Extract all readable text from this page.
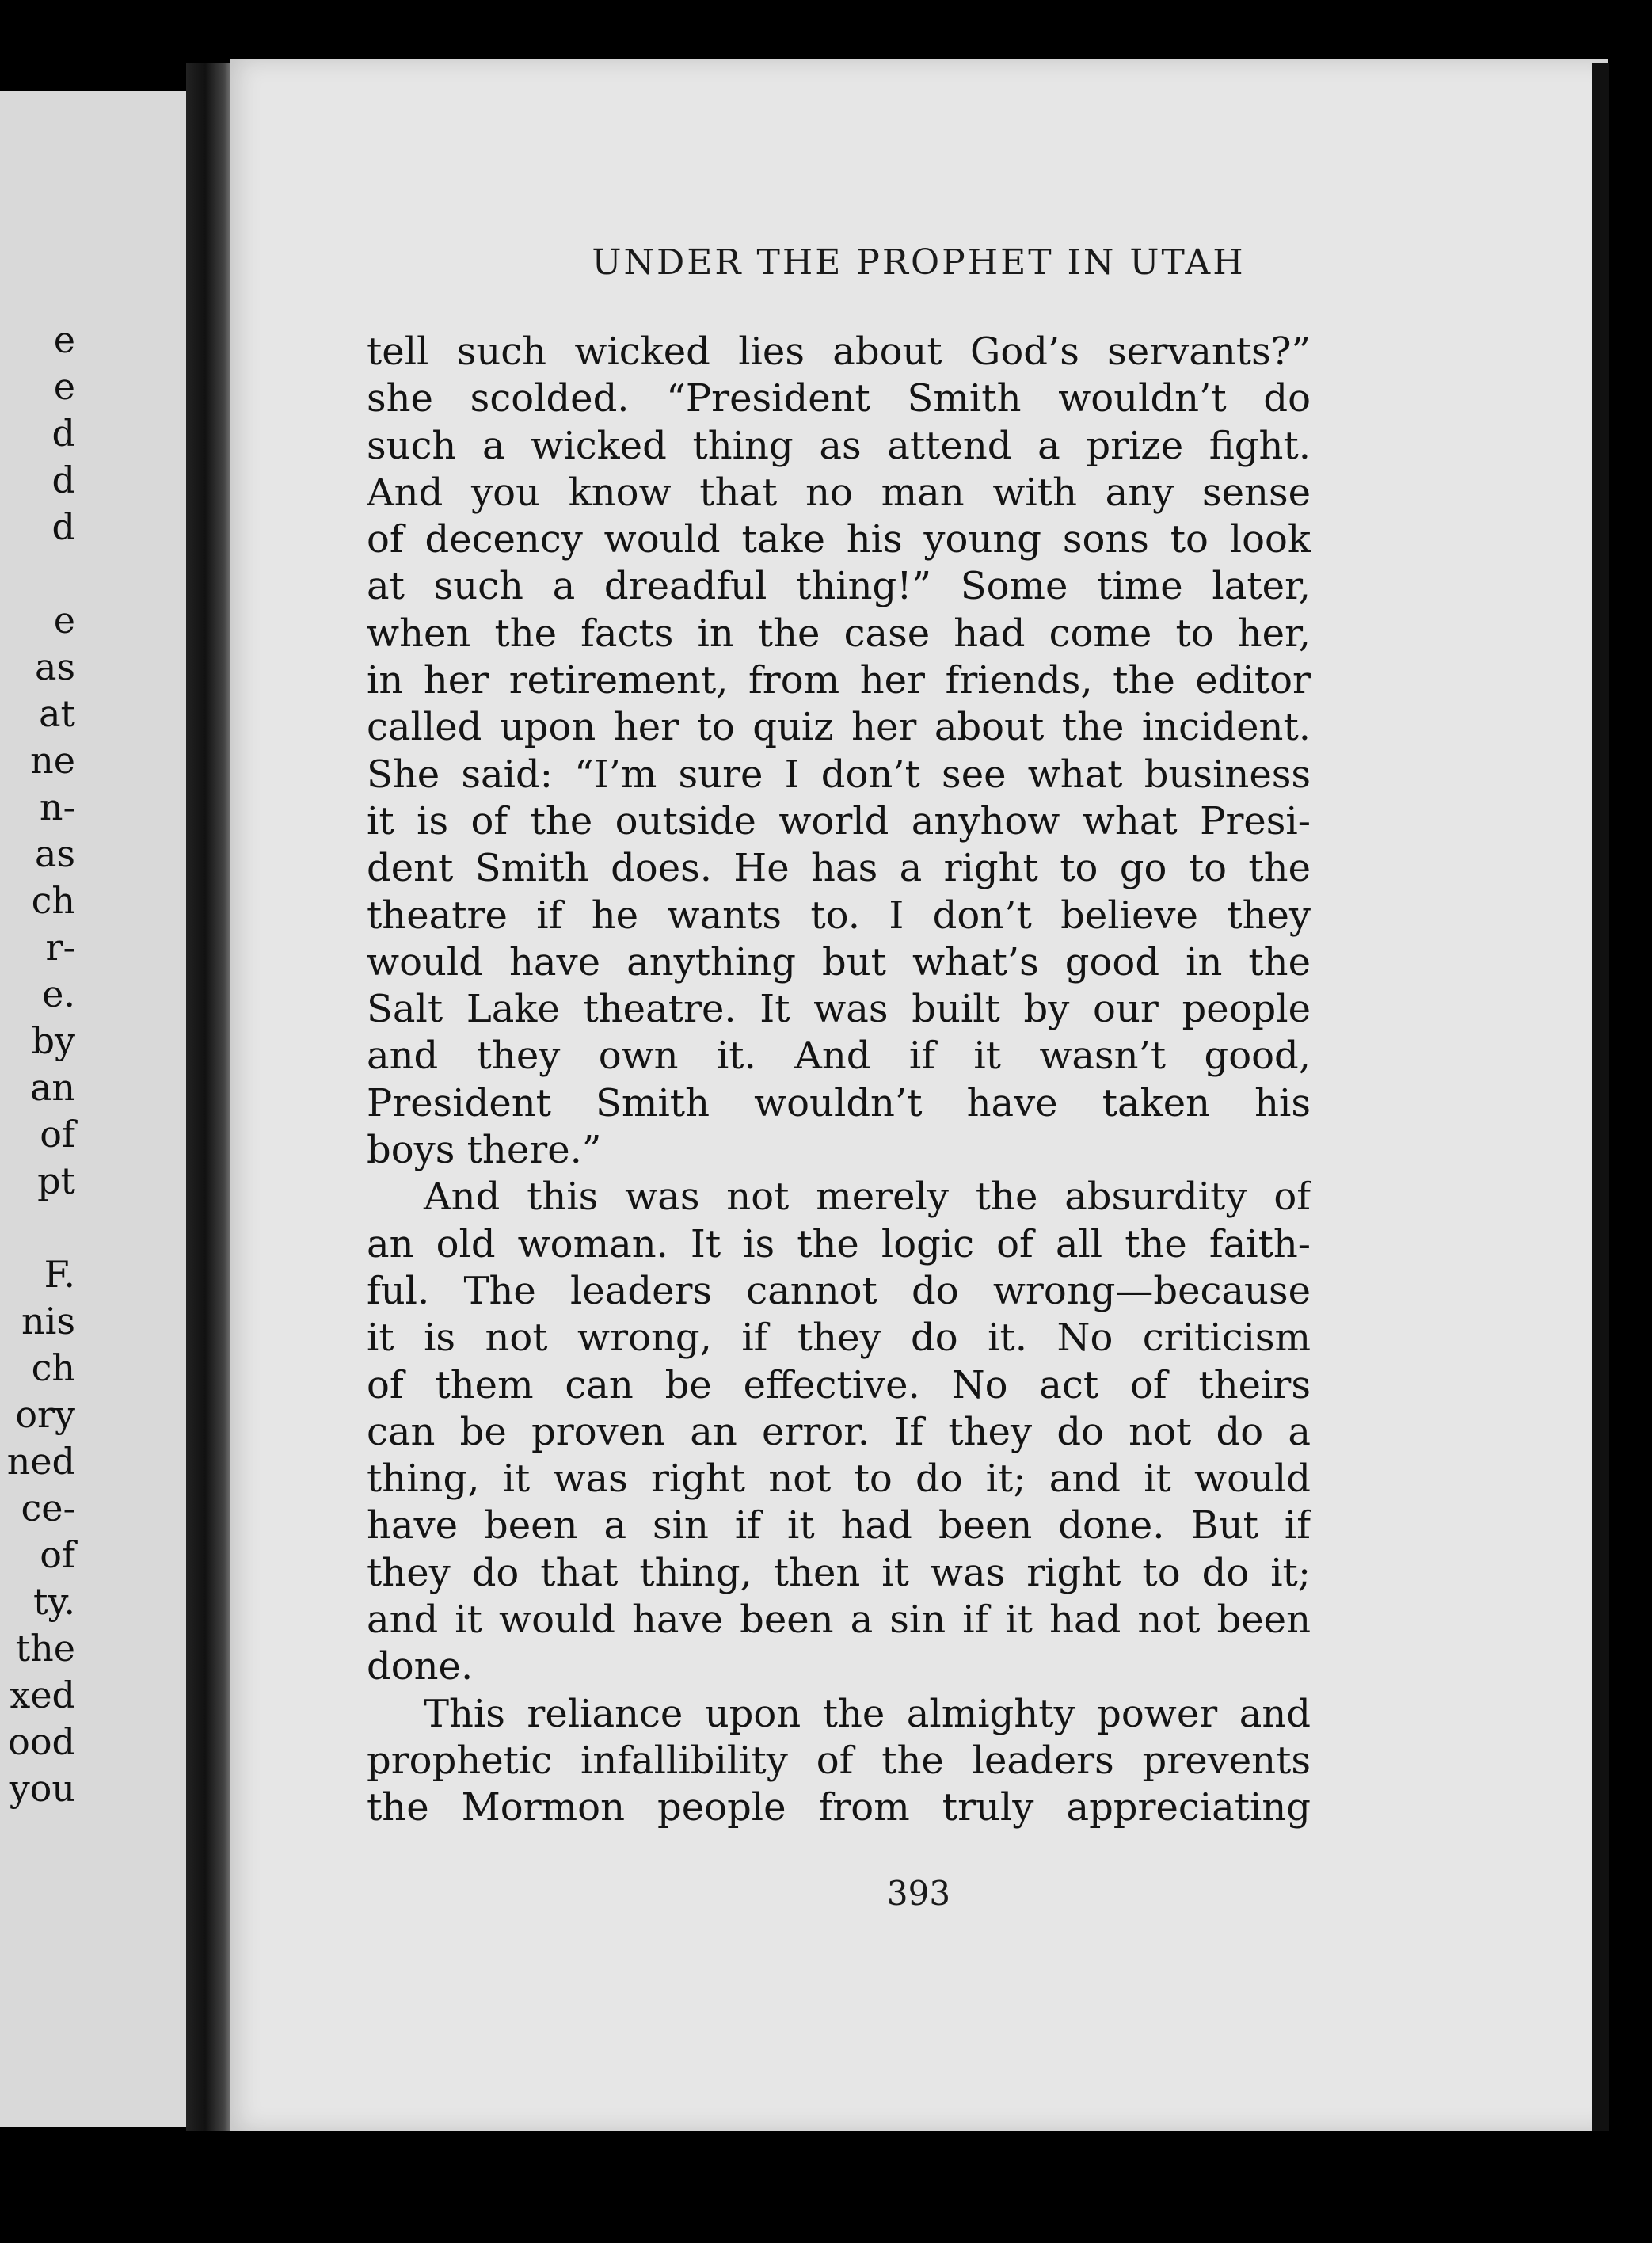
e
e
d
d
d

e
as
at
ne
n-
as
ch
r-
e.
by
an
of
pt

F.
nis
ch
ory
ned
ce-
of
ty.
the
xed
ood
you
UNDER THE PROPHET IN UTAH
tell such wicked lies about God’s servants?”
she scolded. “President Smith wouldn’t do
such a wicked thing as attend a prize fight.
And you know that no man with any sense
of decency would take his young sons to look
at such a dreadful thing!” Some time later,
when the facts in the case had come to her,
in her retirement, from her friends, the editor
called upon her to quiz her about the incident.
She said: “I’m sure I don’t see what business
it is of the outside world anyhow what Presi-
dent Smith does. He has a right to go to the
theatre if he wants to. I don’t believe they
would have anything but what’s good in the
Salt Lake theatre. It was built by our people
and they own it. And if it wasn’t good,
President Smith wouldn’t have taken his
boys there.”
And this was not merely the absurdity of
an old woman. It is the logic of all the faith-
ful. The leaders cannot do wrong—because
it is not wrong, if they do it. No criticism
of them can be effective. No act of theirs
can be proven an error. If they do not do a
thing, it was right not to do it; and it would
have been a sin if it had been done. But if
they do that thing, then it was right to do it;
and it would have been a sin if it had not been
done.
This reliance upon the almighty power and
prophetic infallibility of the leaders prevents
the Mormon people from truly appreciating
393
